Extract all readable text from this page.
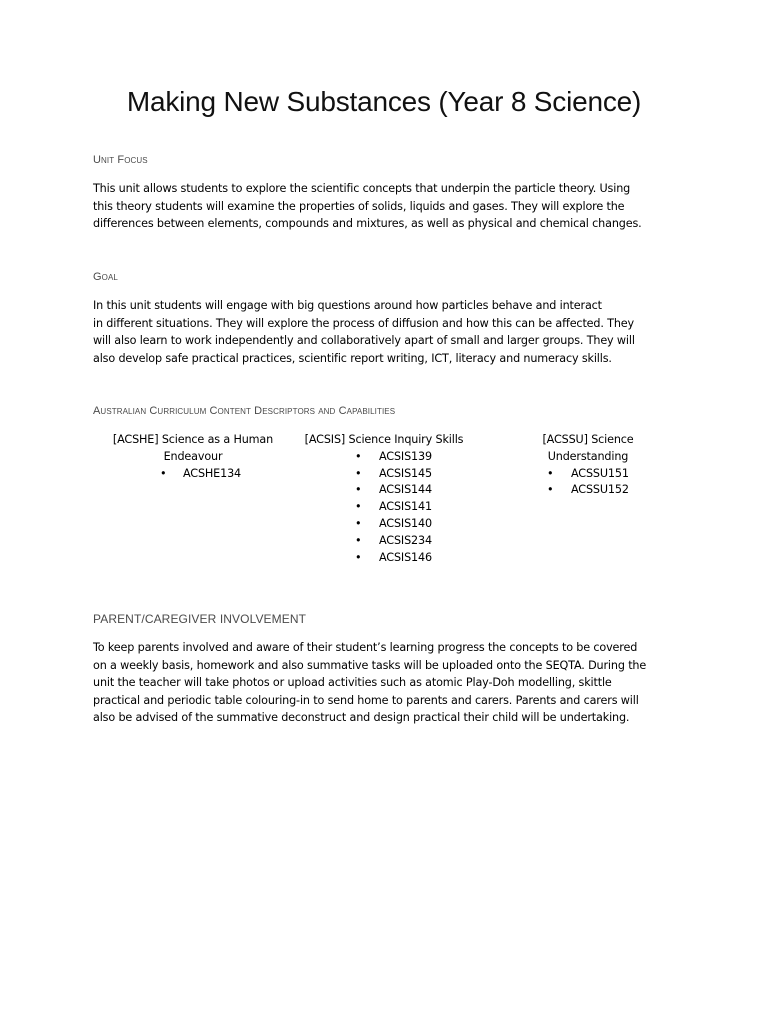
Making New Substances (Year 8 Science)
Unit Focus
This unit allows students to explore the scientific concepts that underpin the particle theory. Using
this theory students will examine the properties of solids, liquids and gases. They will explore the
differences between elements, compounds and mixtures, as well as physical and chemical changes.
Goal
In this unit students will engage with big questions around how particles behave and interact
in different situations. They will explore the process of diffusion and how this can be affected. They
will also learn to work independently and collaboratively apart of small and larger groups. They will
also develop safe practical practices, scientific report writing, ICT, literacy and numeracy skills.
Australian Curriculum Content Descriptors and Capabilities
[ACSHE] Science as a Human
Endeavour
• ACSHE134
[ACSIS] Science Inquiry Skills
• ACSIS139
• ACSIS145
• ACSIS144
• ACSIS141
• ACSIS140
• ACSIS234
• ACSIS146
[ACSSU] Science
Understanding
• ACSSU151
• ACSSU152
PARENT/CAREGIVER INVOLVEMENT
To keep parents involved and aware of their student’s learning progress the concepts to be covered
on a weekly basis, homework and also summative tasks will be uploaded onto the SEQTA. During the
unit the teacher will take photos or upload activities such as atomic Play-Doh modelling, skittle
practical and periodic table colouring-in to send home to parents and carers. Parents and carers will
also be advised of the summative deconstruct and design practical their child will be undertaking.
